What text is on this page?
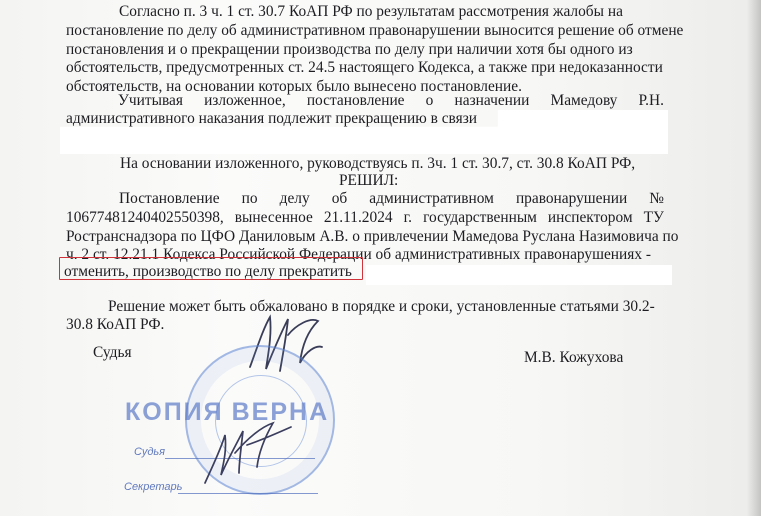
Согласно п. 3 ч. 1 ст. 30.7 КоАП РФ по результатам рассмотрения жалобы на
постановление по делу об административном правонарушении выносится решение об отмене
постановления и о прекращении производства по делу при наличии хотя бы одного из
обстоятельств, предусмотренных ст. 24.5 настоящего Кодекса, а также при недоказанности
обстоятельств, на основании которых было вынесено постановление.
Учитывая изложенное, постановление о назначении Мамедову Р.Н.
административного наказания подлежит прекращению в связи
На основании изложенного, руководствуясь п. 3ч. 1 ст. 30.7, ст. 30.8 КоАП РФ,
РЕШИЛ:
Постановление по делу об административном правонарушении №
10677481240402550398, вынесенное 21.11.2024 г. государственным инспектором ТУ
Ространснадзора по ЦФО Даниловым А.В. о привлечении Мамедова Руслана Назимовича по
ч. 2 ст. 12.21.1 Кодекса Российской Федерации об административных правонарушениях -
отменить, производство по делу прекратить
Решение может быть обжаловано в порядке и сроки, установленные статьями 30.2-
30.8 КоАП РФ.
Судья	М.В. Кожухова
КОПИЯ ВЕРНА
Судья
Секретарь
